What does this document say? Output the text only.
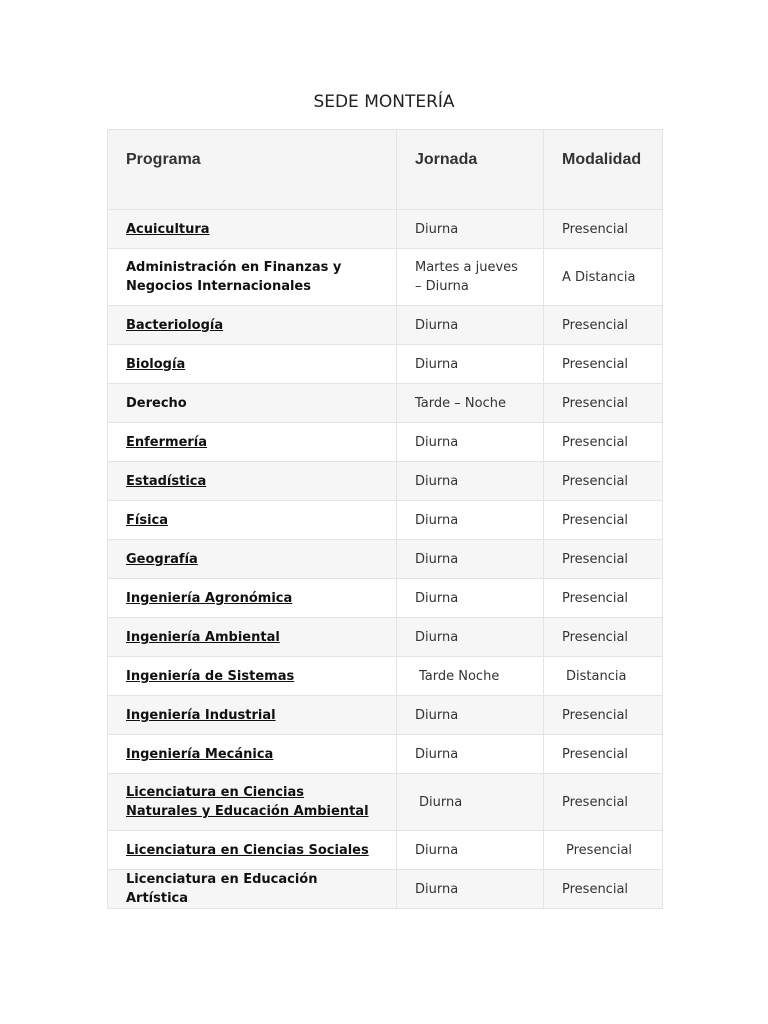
SEDE MONTERÍA
Programa	Jornada	Modalidad

Acuicultura	Diurna	Presencial
Administración en Finanzas y Negocios Internacionales	Martes a jueves – Diurna	A Distancia
Bacteriología	Diurna	Presencial
Biología	Diurna	Presencial
Derecho	Tarde – Noche	Presencial
Enfermería	Diurna	Presencial
Estadística	Diurna	Presencial
Física	Diurna	Presencial
Geografía	Diurna	Presencial
Ingeniería Agronómica	Diurna	Presencial
Ingeniería Ambiental	Diurna	Presencial
Ingeniería de Sistemas	Tarde Noche	Distancia
Ingeniería Industrial	Diurna	Presencial
Ingeniería Mecánica	Diurna	Presencial
Licenciatura en Ciencias Naturales y Educación Ambiental	Diurna	Presencial
Licenciatura en Ciencias Sociales	Diurna	Presencial
Licenciatura en Educación Artística	Diurna	Presencial
